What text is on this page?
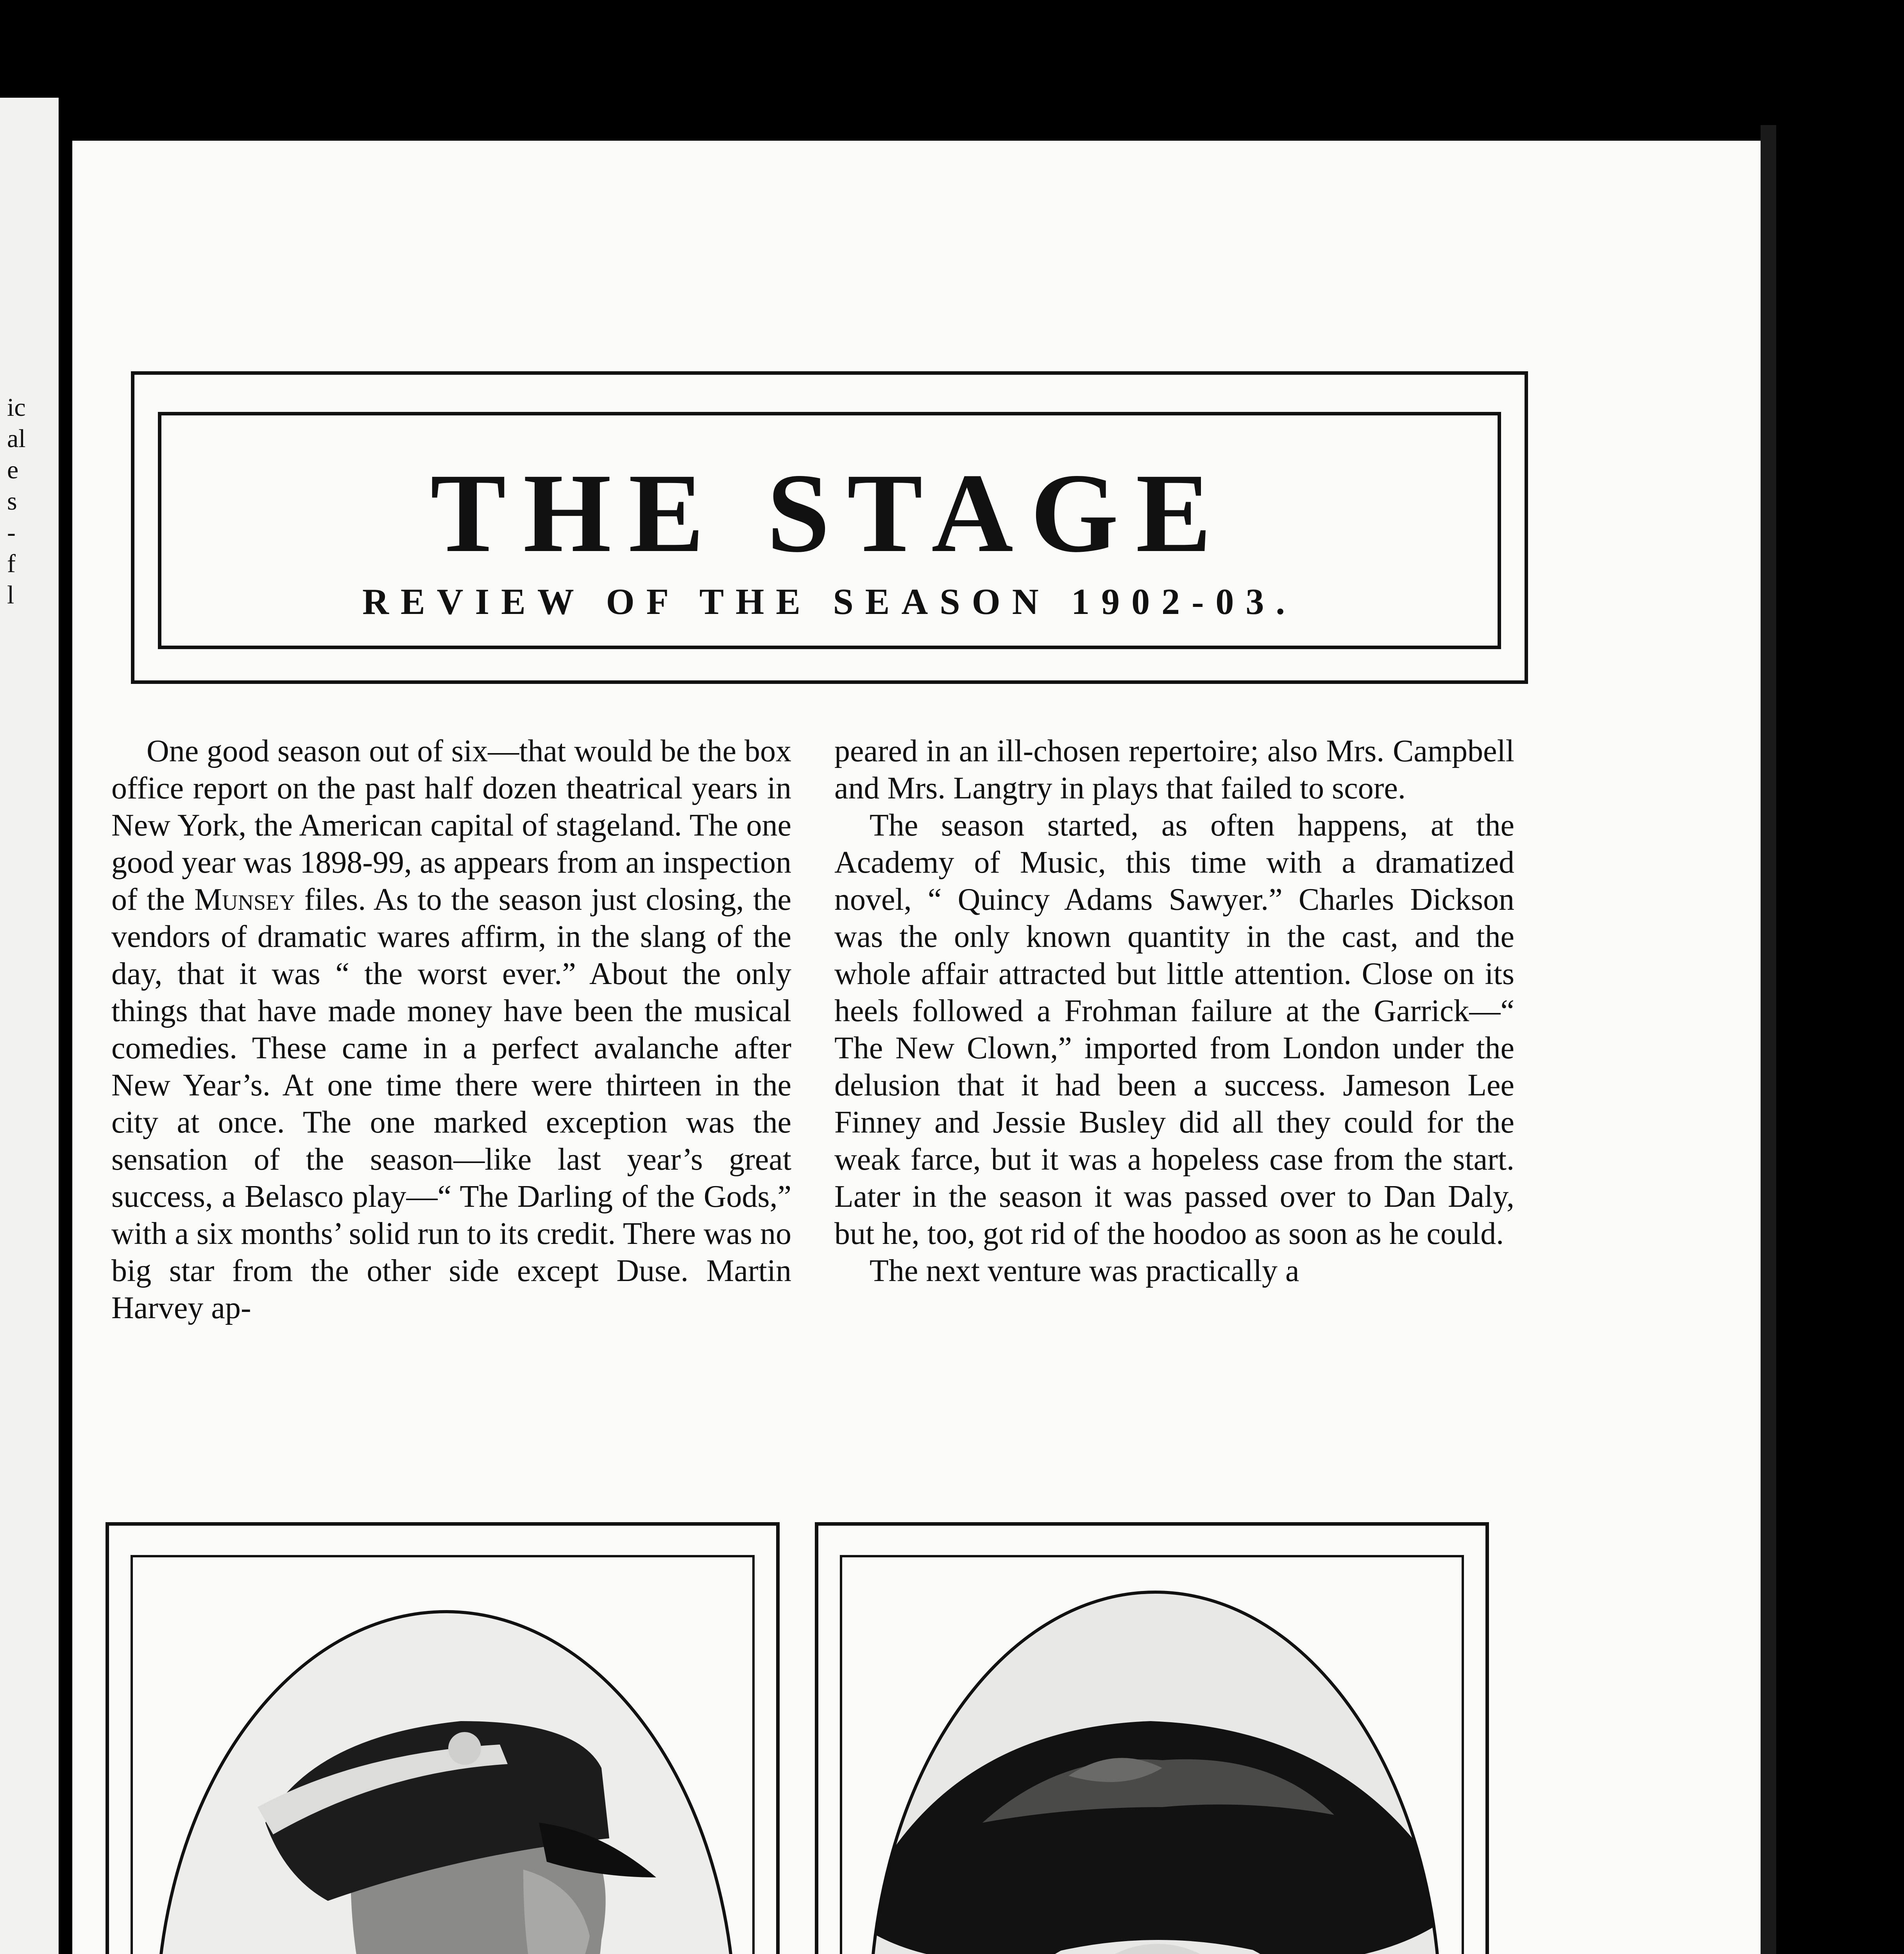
ic
al
e
s
-
f
l
THE STAGE
REVIEW OF THE SEASON 1902-03.

One good season out of six—that would be the box office report on the past half dozen theatrical years in New York, the American capital of stageland. The one good year was 1898-99, as appears from an inspection of the Munsey files. As to the season just closing, the vendors of dramatic wares affirm, in the slang of the day, that it was “ the worst ever.” About the only things that have made money have been the musical comedies. These came in a perfect avalanche after New Year’s. At one time there were thirteen in the city at once. The one marked exception was the sensation of the season—like last year’s great success, a Belasco play—“ The Darling of the Gods,” with a six months’ solid run to its credit. There was no big star from the other side except Duse. Martin Harvey ap-

peared in an ill-chosen repertoire; also Mrs. Campbell and Mrs. Langtry in plays that failed to score.

The season started, as often happens, at the Academy of Music, this time with a dramatized novel, “ Quincy Adams Sawyer.” Charles Dickson was the only known quantity in the cast, and the whole affair attracted but little attention. Close on its heels followed a Frohman failure at the Garrick—“ The New Clown,” imported from London under the delusion that it had been a success. Jameson Lee Finney and Jessie Busley did all they could for the weak farce, but it was a hopeless case from the start. Later in the season it was passed over to Dan Daly, but he, too, got rid of the hoodoo as soon as he could.

The next venture was practically a
